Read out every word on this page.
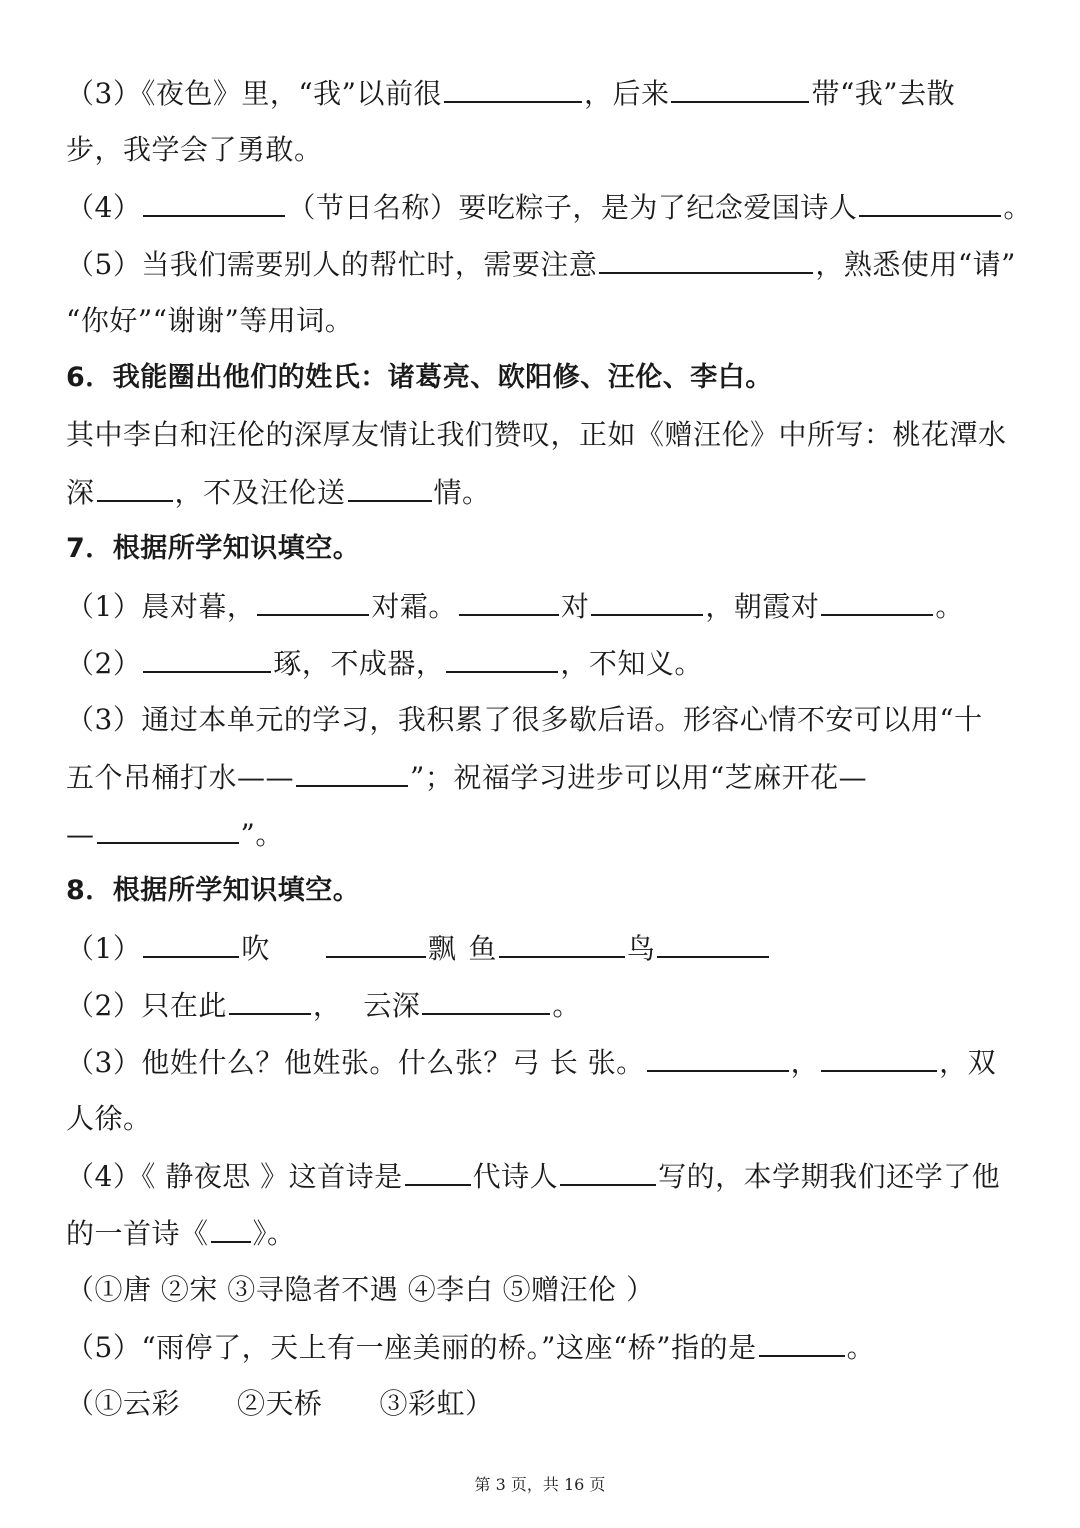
（3）《夜色》里，“我”以前很	，后来	带“我”去散
步，我学会了勇敢。
（4）	（节日名称）要吃粽子，是为了纪念爱国诗人	。
（5）当我们需要别人的帮忙时，需要注意	，熟悉使用“请”
“你好”“谢谢”等用词。
6．我能圈出他们的姓氏：诸葛亮、欧阳修、汪伦、李白。
其中李白和汪伦的深厚友情让我们赞叹，正如《赠汪伦》中所写：桃花潭水
深	，不及汪伦送	情。
7．根据所学知识填空。
（1）晨对暮，	对霜。	对	，朝霞对	。
（2）	琢，不成器，	，不知义。
（3）通过本单元的学习，我积累了很多歇后语。形容心情不安可以用“十
五个吊桶打水——	”；祝福学习进步可以用“芝麻开花—
—	”。
8．根据所学知识填空。
（1）	吹	飘 鱼	鸟
（2）只在此	， 云深	。
（3）他姓什么？他姓张。什么张？弓 长 张。	，	，双
人徐。
（4）《 静夜思 》这首诗是	代诗人	写的，本学期我们还学了他
的一首诗《 》。
（①唐 ②宋 ③寻隐者不遇 ④李白 ⑤赠汪伦 ）
（5）“雨停了，天上有一座美丽的桥。”这座“桥”指的是	。
（①云彩　　②天桥　　③彩虹）
第 3 页，共 16 页
